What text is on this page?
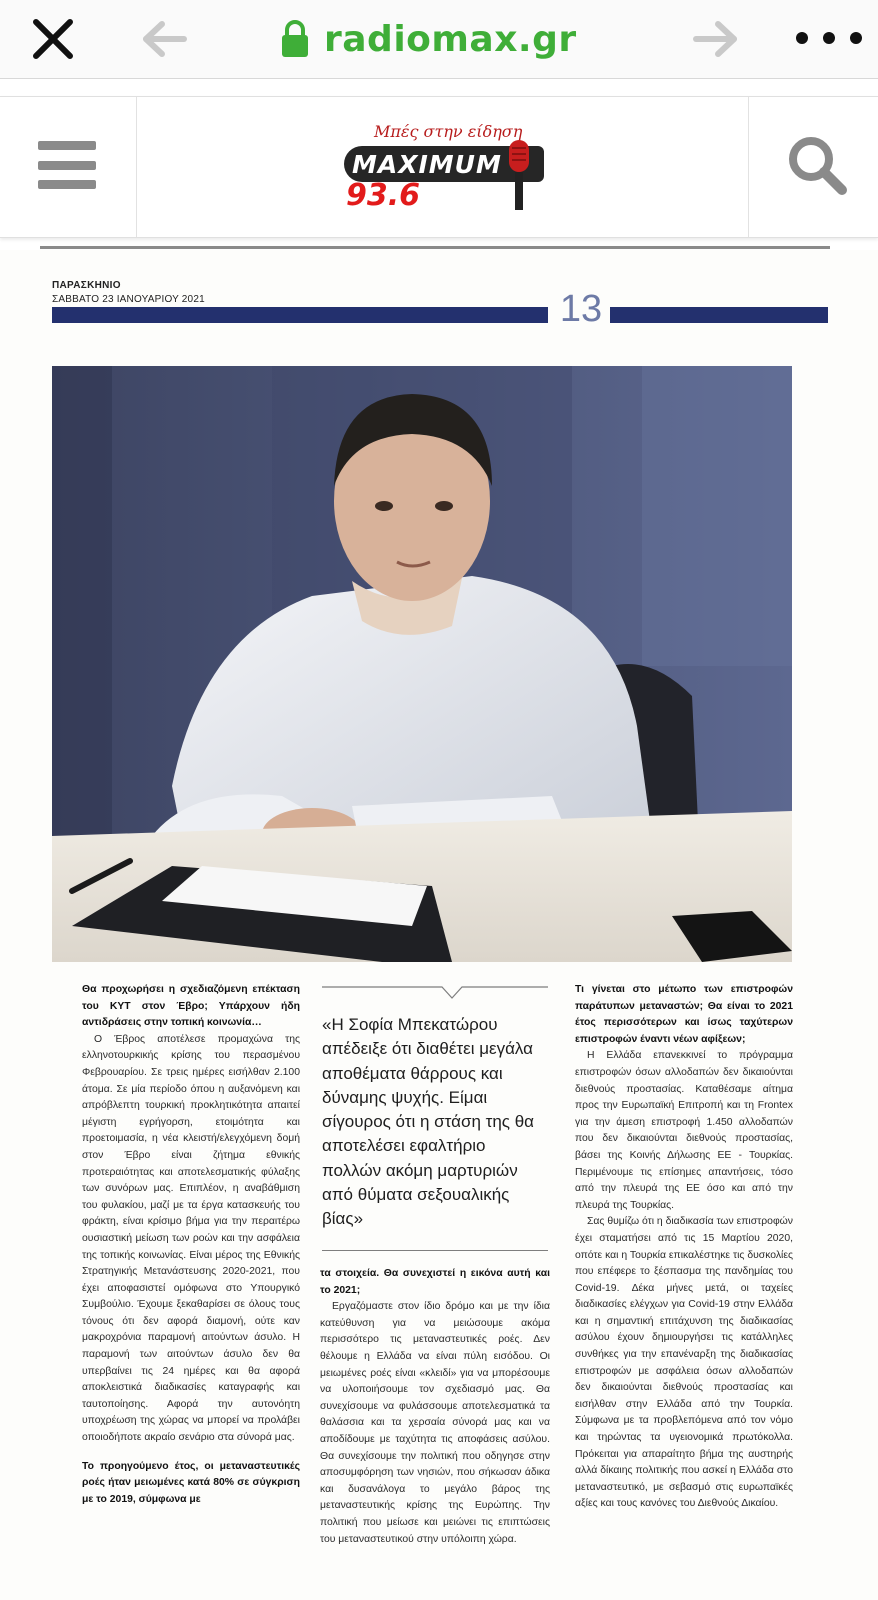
radiomax.gr
Μπές στην είδηση
MAXIMUM
93.6
ΠΑΡΑΣΚΗΝΙΟ
ΣΑΒΒΑΤΟ 23 ΙΑΝΟΥΑΡΙΟΥ 2021	13

Θα προχωρήσει η σχεδιαζόμενη επέκταση του ΚΥΤ στον Έβρο; Υπάρχουν ήδη αντιδράσεις στην τοπική κοινωνία…

Ο Έβρος αποτέλεσε προμαχώνα της ελληνοτουρκικής κρίσης του περασμένου Φεβρουαρίου. Σε τρεις ημέρες εισήλθαν 2.100 άτομα. Σε μία περίοδο όπου η αυξανόμενη και απρόβλεπτη τουρκική προκλητικότητα απαιτεί μέγιστη εγρήγορση, ετοιμότητα και προετοιμασία, η νέα κλειστή/ελεγχόμενη δομή στον Έβρο είναι ζήτημα εθνικής προτεραιότητας και αποτελεσματικής φύλαξης των συνόρων μας. Επιπλέον, η αναβάθμιση του φυλακίου, μαζί με τα έργα κατασκευής του φράκτη, είναι κρίσιμο βήμα για την περαιτέρω ουσιαστική μείωση των ροών και την ασφάλεια της τοπικής κοινωνίας. Είναι μέρος της Εθνικής Στρατηγικής Μετανάστευσης 2020-2021, που έχει αποφασιστεί ομόφωνα στο Υπουργικό Συμβούλιο. Έχουμε ξεκαθαρίσει σε όλους τους τόνους ότι δεν αφορά διαμονή, ούτε καν μακροχρόνια παραμονή αιτούντων άσυλο. Η παραμονή των αιτούντων άσυλο δεν θα υπερβαίνει τις 24 ημέρες και θα αφορά αποκλειστικά διαδικασίες καταγραφής και ταυτοποίησης. Αφορά την αυτονόητη υποχρέωση της χώρας να μπορεί να προλάβει οποιοδήποτε ακραίο σενάριο στα σύνορά μας.

Το προηγούμενο έτος, οι μεταναστευτικές ροές ήταν μειωμένες κατά 80% σε σύγκριση με το 2019, σύμφωνα με

«Η Σοφία Μπεκατώρου απέδειξε ότι διαθέτει μεγάλα αποθέματα θάρρους και δύναμης ψυχής. Είμαι σίγουρος ότι η στάση της θα αποτελέσει εφαλτήριο πολλών ακόμη μαρτυριών από θύματα σεξουαλικής βίας»

τα στοιχεία. Θα συνεχιστεί η εικόνα αυτή και το 2021;

Εργαζόμαστε στον ίδιο δρόμο και με την ίδια κατεύθυνση για να μειώσουμε ακόμα περισσότερο τις μεταναστευτικές ροές. Δεν θέλουμε η Ελλάδα να είναι πύλη εισόδου. Οι μειωμένες ροές είναι «κλειδί» για να μπορέσουμε να υλοποιήσουμε τον σχεδιασμό μας. Θα συνεχίσουμε να φυλάσσουμε αποτελεσματικά τα θαλάσσια και τα χερσαία σύνορά μας και να αποδίδουμε με ταχύτητα τις αποφάσεις ασύλου. Θα συνεχίσουμε την πολιτική που οδηγησε στην αποσυμφόρηση των νησιών, που σήκωσαν άδικα και δυσανάλογα το μεγάλο βάρος της μεταναστευτικής κρίσης της Ευρώπης. Την πολιτική που μείωσε και μειώνει τις επιπτώσεις του μεταναστευτικού στην υπόλοιπη χώρα.

Τι γίνεται στο μέτωπο των επιστροφών παράτυπων μεταναστών; Θα είναι το 2021 έτος περισσότερων και ίσως ταχύτερων επιστροφών έναντι νέων αφίξεων;

Η Ελλάδα επανεκκινεί το πρόγραμμα επιστροφών όσων αλλοδαπών δεν δικαιούνται διεθνούς προστασίας. Καταθέσαμε αίτημα προς την Ευρωπαϊκή Επιτροπή και τη Frontex για την άμεση επιστροφή 1.450 αλλοδαπών που δεν δικαιούνται διεθνούς προστασίας, βάσει της Κοινής Δήλωσης ΕΕ - Τουρκίας. Περιμένουμε τις επίσημες απαντήσεις, τόσο από την πλευρά της ΕΕ όσο και από την πλευρά της Τουρκίας.

Σας θυμίζω ότι η διαδικασία των επιστροφών έχει σταματήσει από τις 15 Μαρτίου 2020, οπότε και η Τουρκία επικαλέστηκε τις δυσκολίες που επέφερε το ξέσπασμα της πανδημίας του Covid-19. Δέκα μήνες μετά, οι ταχείες διαδικασίες ελέγχων για Covid-19 στην Ελλάδα και η σημαντική επιτάχυνση της διαδικασίας ασύλου έχουν δημιουργήσει τις κατάλληλες συνθήκες για την επανέναρξη της διαδικασίας επιστροφών με ασφάλεια όσων αλλοδαπών δεν δικαιούνται διεθνούς προστασίας και εισήλθαν στην Ελλάδα από την Τουρκία. Σύμφωνα με τα προβλεπόμενα από τον νόμο και τηρώντας τα υγειονομικά πρωτόκολλα. Πρόκειται για απαραίτητο βήμα της αυστηρής αλλά δίκαιης πολιτικής που ασκεί η Ελλάδα στο μεταναστευτικό, με σεβασμό στις ευρωπαϊκές αξίες και τους κανόνες του Διεθνούς Δικαίου.
